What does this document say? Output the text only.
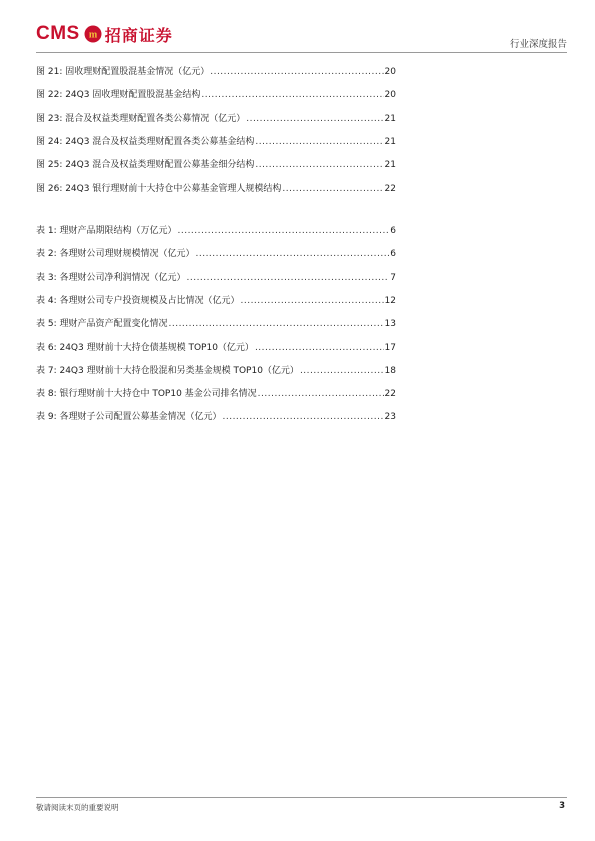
CMS m 招商证券	行业深度报告
图 21: 固收理财配置股混基金情况（亿元） .....	20
图 22: 24Q3 固收理财配置股混基金结构 .....	20
图 23: 混合及权益类理财配置各类公募情况（亿元） .....	21
图 24: 24Q3 混合及权益类理财配置各类公募基金结构 .....	21
图 25: 24Q3 混合及权益类理财配置公募基金细分结构 .....	21
图 26: 24Q3 银行理财前十大持仓中公募基金管理人规模结构 .....	22
表 1: 理财产品期限结构（万亿元） .....	6
表 2: 各理财公司理财规模情况（亿元） .....	6
表 3: 各理财公司净利润情况（亿元） .....	7
表 4: 各理财公司专户投资规模及占比情况（亿元） .....	12
表 5: 理财产品资产配置变化情况 .....	13
表 6: 24Q3 理财前十大持仓债基规模 TOP10（亿元） .....	17
表 7: 24Q3 理财前十大持仓股混和另类基金规模 TOP10（亿元） .....	18
表 8: 银行理财前十大持仓中 TOP10 基金公司排名情况 .....	22
表 9: 各理财子公司配置公募基金情况（亿元） .....	23
敬请阅读末页的重要说明	3
